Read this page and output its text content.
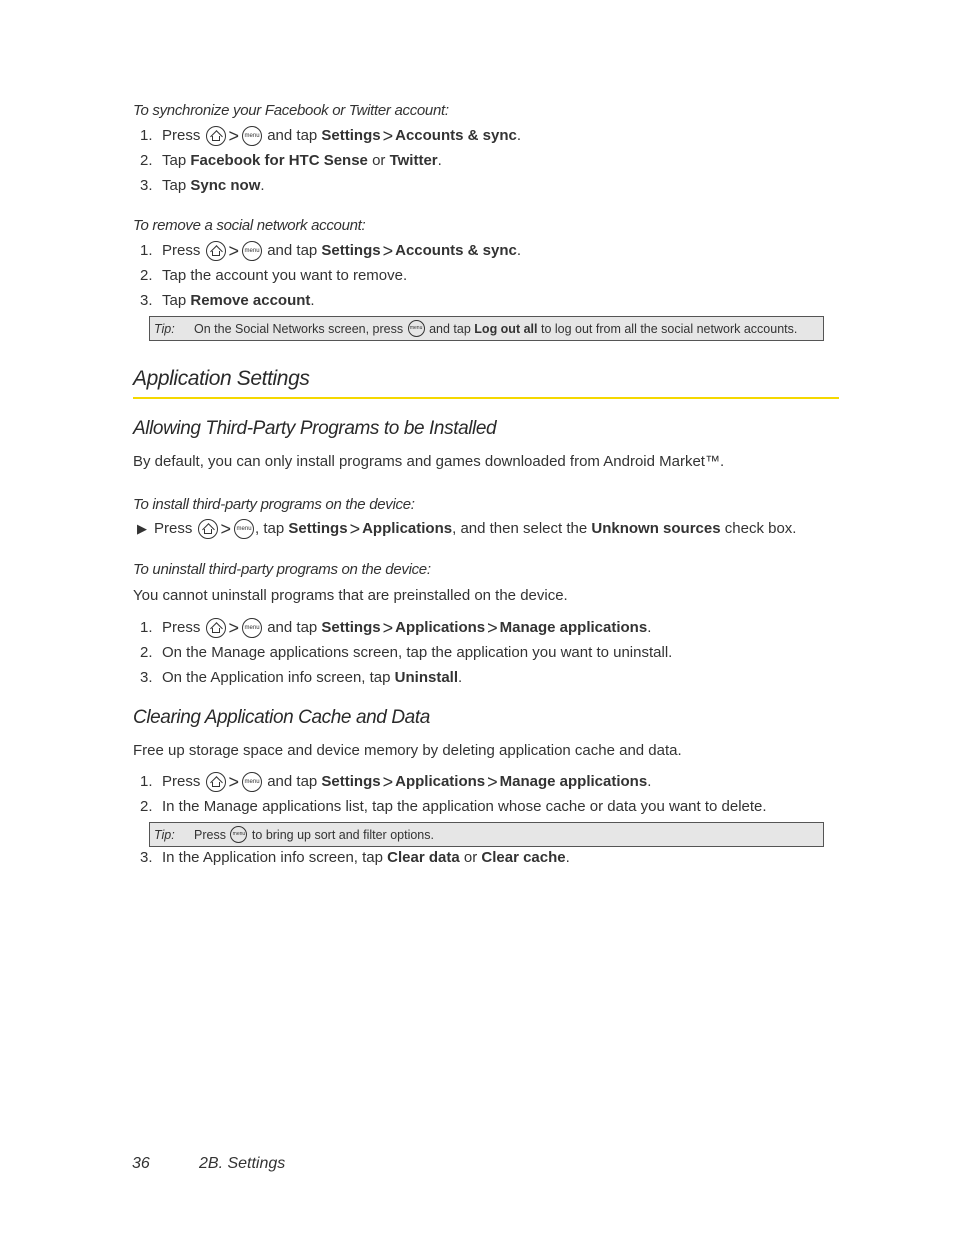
To synchronize your Facebook or Twitter account:
1. Press
> menu
and tap
Settings > Accounts & sync .
2. Tap
Facebook for HTC Sense
or
Twitter .
3. Tap
Sync now .
To remove a social network account:
1. Press
> menu
and tap
Settings > Accounts & sync .
2. Tap the account you want to remove.
3. Tap
Remove account .
Tip:	On the Social Networks screen, press
	menu
and tap
Log out all
to log out from all the social network accounts.
Application Settings
Allowing Third-Party Programs to be Installed
By default, you can only install programs and games downloaded from Android Market™.
To install third-party programs on the device:
▶ Press
> menu , tap
Settings > Applications , and then select the
Unknown sources
check box.
To uninstall third-party programs on the device:
You cannot uninstall programs that are preinstalled on the device.
1. Press
> menu
and tap
Settings > Applications > Manage applications .
2. On the Manage applications screen, tap the application you want to uninstall.
3. On the Application info screen, tap
Uninstall .
Clearing Application Cache and Data
Free up storage space and device memory by deleting application cache and data.
1. Press
> menu
and tap
Settings > Applications > Manage applications .
2. In the Manage applications list, tap the application whose cache or data you want to delete.
Tip:	Press
	menu
to bring up sort and filter options.
3. In the Application info screen, tap
Clear data
or
Clear cache .
36	2B. Settings
